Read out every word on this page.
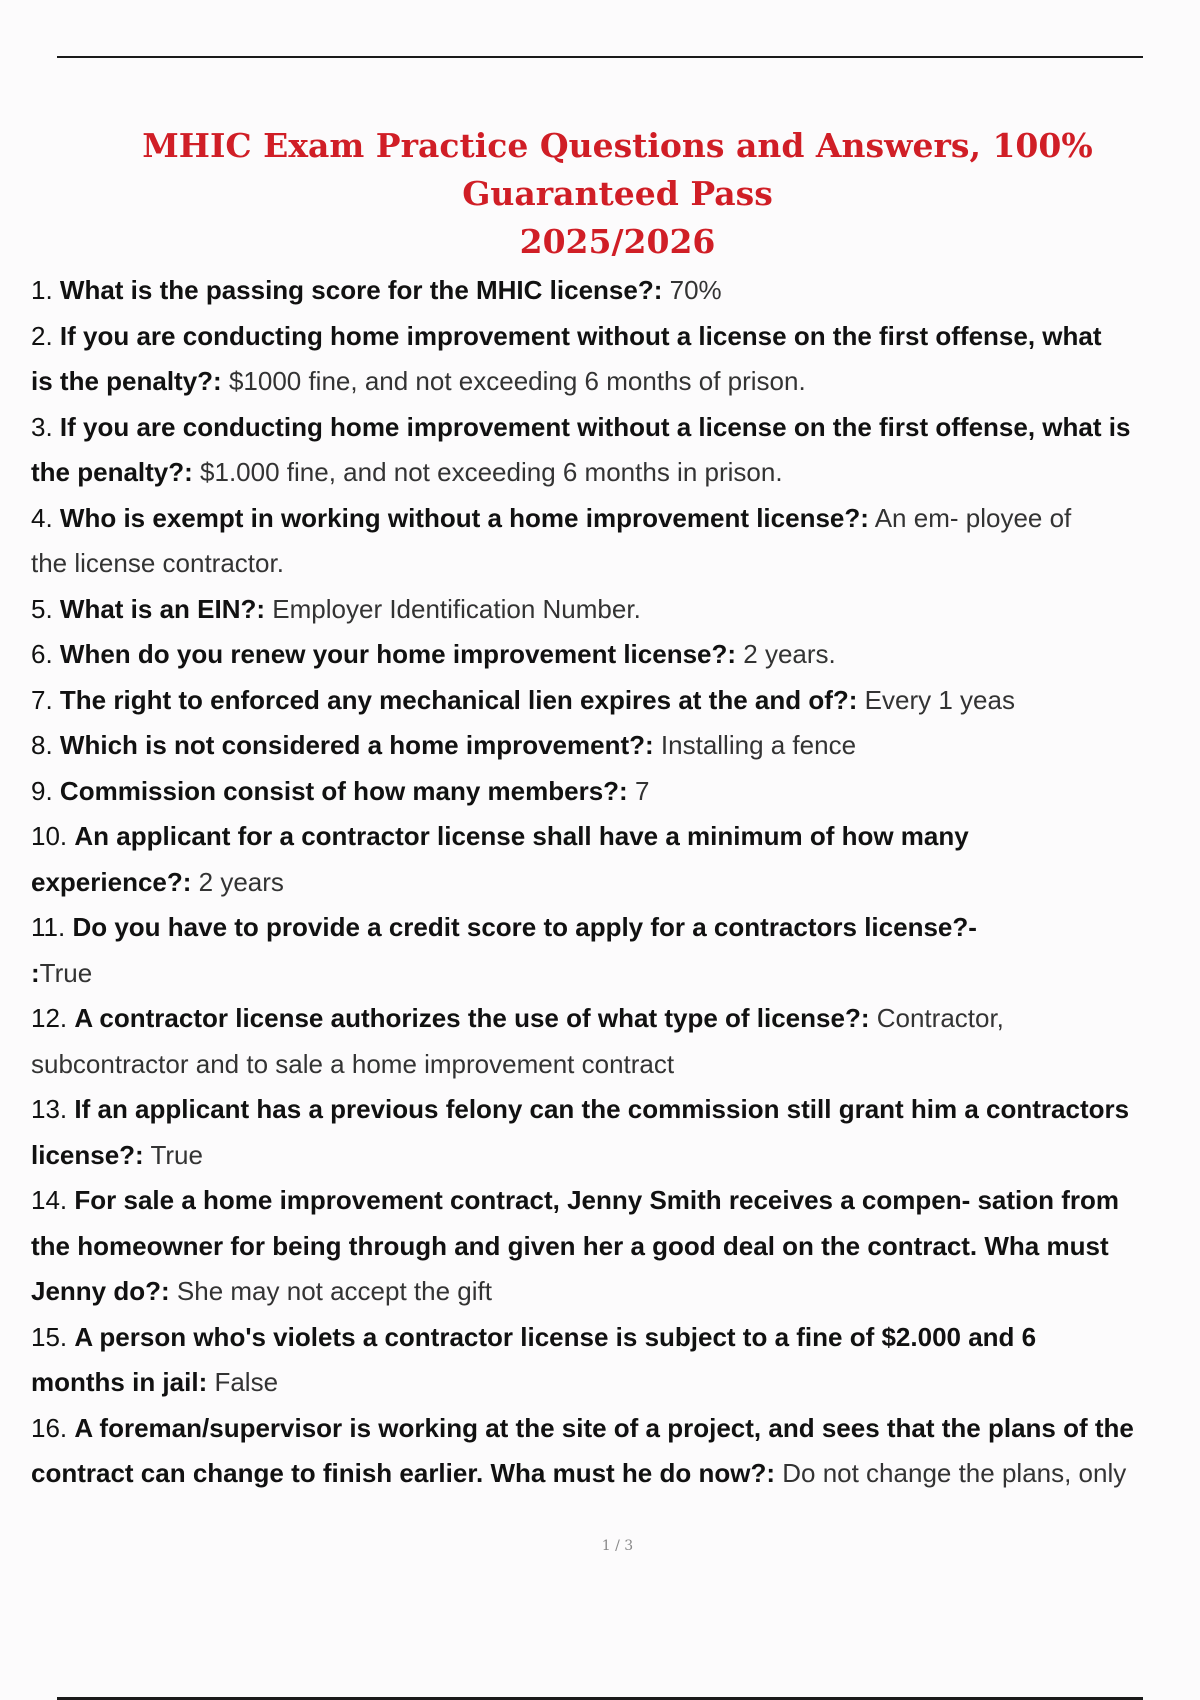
MHIC Exam Practice Questions and Answers, 100% Guaranteed Pass
2025/2026
1. What is the passing score for the MHIC license?: 70%
2. If you are conducting home improvement without a license on the first offense, what
is the penalty?: $1000 fine, and not exceeding 6 months of prison.
3. If you are conducting home improvement without a license on the first offense, what is
the penalty?: $1.000 fine, and not exceeding 6 months in prison.
4. Who is exempt in working without a home improvement license?: An em- ployee of
the license contractor.
5. What is an EIN?: Employer Identification Number.
6. When do you renew your home improvement license?: 2 years.
7. The right to enforced any mechanical lien expires at the and of?: Every 1 yeas
8. Which is not considered a home improvement?: Installing a fence
9. Commission consist of how many members?: 7
10. An applicant for a contractor license shall have a minimum of how many
experience?: 2 years
11. Do you have to provide a credit score to apply for a contractors license?-
:True
12. A contractor license authorizes the use of what type of license?: Contractor,
subcontractor and to sale a home improvement contract
13. If an applicant has a previous felony can the commission still grant him a contractors
license?: True
14. For sale a home improvement contract, Jenny Smith receives a compen- sation from
the homeowner for being through and given her a good deal on the contract. Wha must
Jenny do?: She may not accept the gift
15. A person who's violets a contractor license is subject to a fine of $2.000 and 6
months in jail: False
16. A foreman/supervisor is working at the site of a project, and sees that the plans of the
contract can change to finish earlier. Wha must he do now?: Do not change the plans, only
1 / 3
